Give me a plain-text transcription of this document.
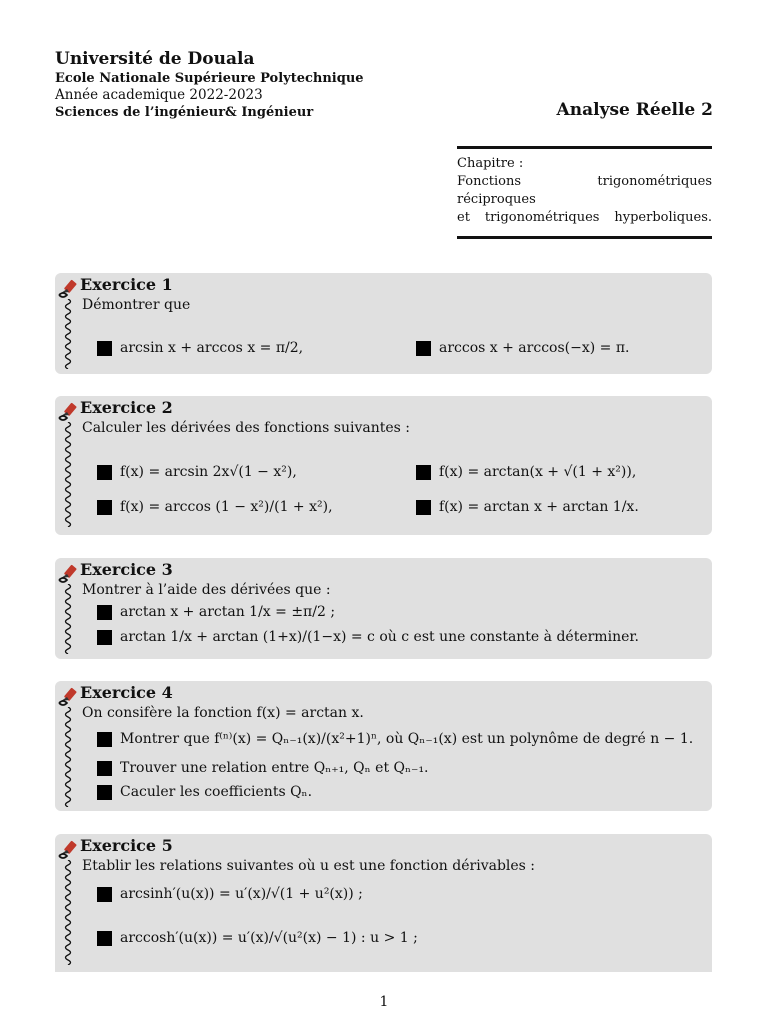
Université de Douala
Ecole Nationale Supérieure Polytechnique
Année academique 2022-2023
Sciences de l’ingénieur& Ingénieur	Analyse Réelle 2
Chapitre :
Fonctions trigonométriques réciproques
et trigonométriques hyperboliques.
Exercice 1
Démontrer que
arcsin x + arccos x = π/2,	arccos x + arccos(−x) = π.
Exercice 2
Calculer les dérivées des fonctions suivantes :
f(x) = arcsin 2x√(1 − x²),	f(x) = arctan(x + √(1 + x²)),
f(x) = arccos (1 − x²)/(1 + x²),	f(x) = arctan x + arctan 1/x.
Exercice 3
Montrer à l’aide des dérivées que :
arctan x + arctan 1/x = ±π/2 ;
arctan 1/x + arctan (1+x)/(1−x) = c où c est une constante à déterminer.
Exercice 4
On consifère la fonction f(x) = arctan x.
Montrer que f⁽ⁿ⁾(x) = Qₙ₋₁(x)/(x²+1)ⁿ, où Qₙ₋₁(x) est un polynôme de degré n − 1.
Trouver une relation entre Qₙ₊₁, Qₙ et Qₙ₋₁.
Caculer les coefficients Qₙ.
Exercice 5
Etablir les relations suivantes où u est une fonction dérivables :
arcsinh′(u(x)) = u′(x)/√(1 + u²(x)) ;
arccosh′(u(x)) = u′(x)/√(u²(x) − 1) : u > 1 ;
1
